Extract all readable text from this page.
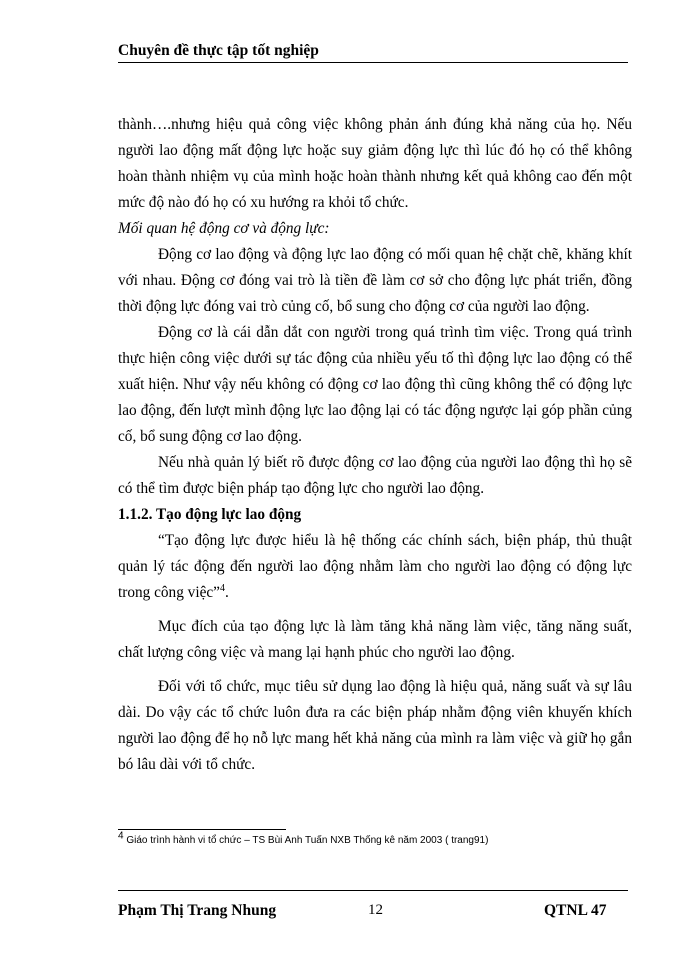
Chuyên đề thực tập tốt nghiệp

thành….nhưng hiệu quả công việc không phản ánh đúng khả năng của họ. Nếu người lao động mất động lực hoặc suy giảm động lực thì lúc đó họ có thể không hoàn thành nhiệm vụ của mình hoặc hoàn thành nhưng kết quả không cao đến một mức độ nào đó họ có xu hướng ra khỏi tổ chức.

Mối quan hệ động cơ và động lực:

Động cơ lao động và động lực lao động có mối quan hệ chặt chẽ, khăng khít với nhau. Động cơ đóng vai trò là tiền đề làm cơ sở cho động lực phát triển, đồng thời động lực đóng vai trò củng cố, bổ sung cho động cơ của người lao động.

Động cơ là cái dẫn dắt con người trong quá trình tìm việc. Trong quá trình thực hiện công việc dưới sự tác động của nhiều yếu tố thì động lực lao động có thể xuất hiện. Như vậy nếu không có động cơ lao động thì cũng không thể có động lực lao động, đến lượt mình động lực lao động lại có tác động ngược lại góp phần củng cố, bổ sung động cơ lao động.

Nếu nhà quản lý biết rõ được động cơ lao động của người lao động thì họ sẽ có thể tìm được biện pháp tạo động lực cho người lao động.

1.1.2. Tạo động lực lao động

“Tạo động lực được hiểu là hệ thống các chính sách, biện pháp, thủ thuật quản lý tác động đến người lao động nhằm làm cho người lao động có động lực trong công việc”$^4$.

Mục đích của tạo động lực là làm tăng khả năng làm việc, tăng năng suất, chất lượng công việc và mang lại hạnh phúc cho người lao động.

Đối với tổ chức, mục tiêu sử dụng lao động là hiệu quả, năng suất và sự lâu dài. Do vậy các tổ chức luôn đưa ra các biện pháp nhằm động viên khuyến khích người lao động để họ nỗ lực mang hết khả năng của mình ra làm việc và giữ họ gắn bó lâu dài với tổ chức.

$^4$ Giáo trình hành vi tổ chức – TS Bùi Anh Tuấn NXB Thống kê năm 2003 ( trang91)
Phạm Thị Trang Nhung	12	QTNL 47
